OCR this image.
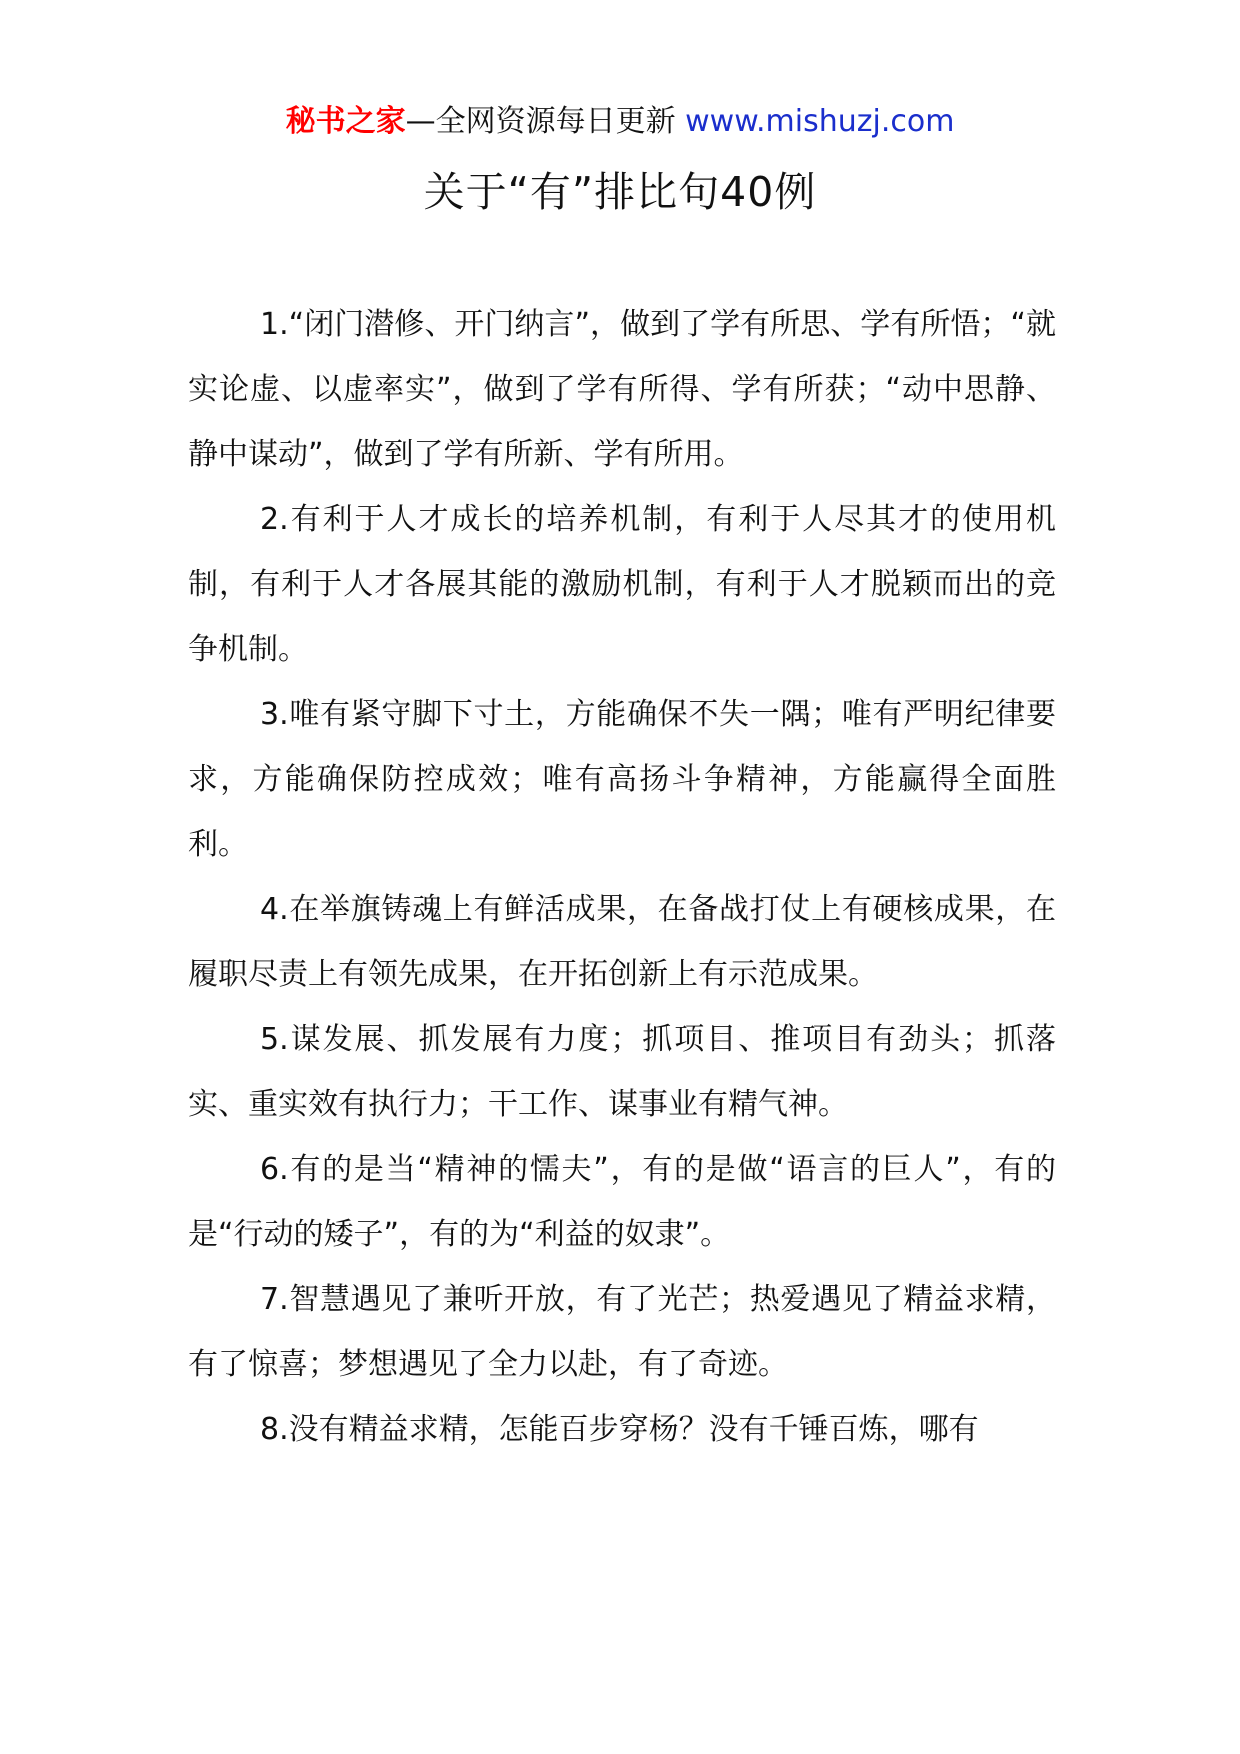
秘书之家—全网资源每日更新 www.mishuzj.com
关于“有”排比句40例

1.“闭门潜修、开门纳言”，做到了学有所思、学有所悟；“就实论虚、以虚率实”，做到了学有所得、学有所获；“动中思静、静中谋动”，做到了学有所新、学有所用。

2.有利于人才成长的培养机制，有利于人尽其才的使用机制，有利于人才各展其能的激励机制，有利于人才脱颖而出的竞争机制。

3.唯有紧守脚下寸土，方能确保不失一隅；唯有严明纪律要求，方能确保防控成效；唯有高扬斗争精神，方能赢得全面胜利。

4.在举旗铸魂上有鲜活成果，在备战打仗上有硬核成果，在履职尽责上有领先成果，在开拓创新上有示范成果。

5.谋发展、抓发展有力度；抓项目、推项目有劲头；抓落实、重实效有执行力；干工作、谋事业有精气神。

6.有的是当“精神的懦夫”，有的是做“语言的巨人”，有的是“行动的矮子”，有的为“利益的奴隶”。

7.智慧遇见了兼听开放，有了光芒；热爱遇见了精益求精，有了惊喜；梦想遇见了全力以赴，有了奇迹。

8.没有精益求精，怎能百步穿杨？没有千锤百炼，哪有
